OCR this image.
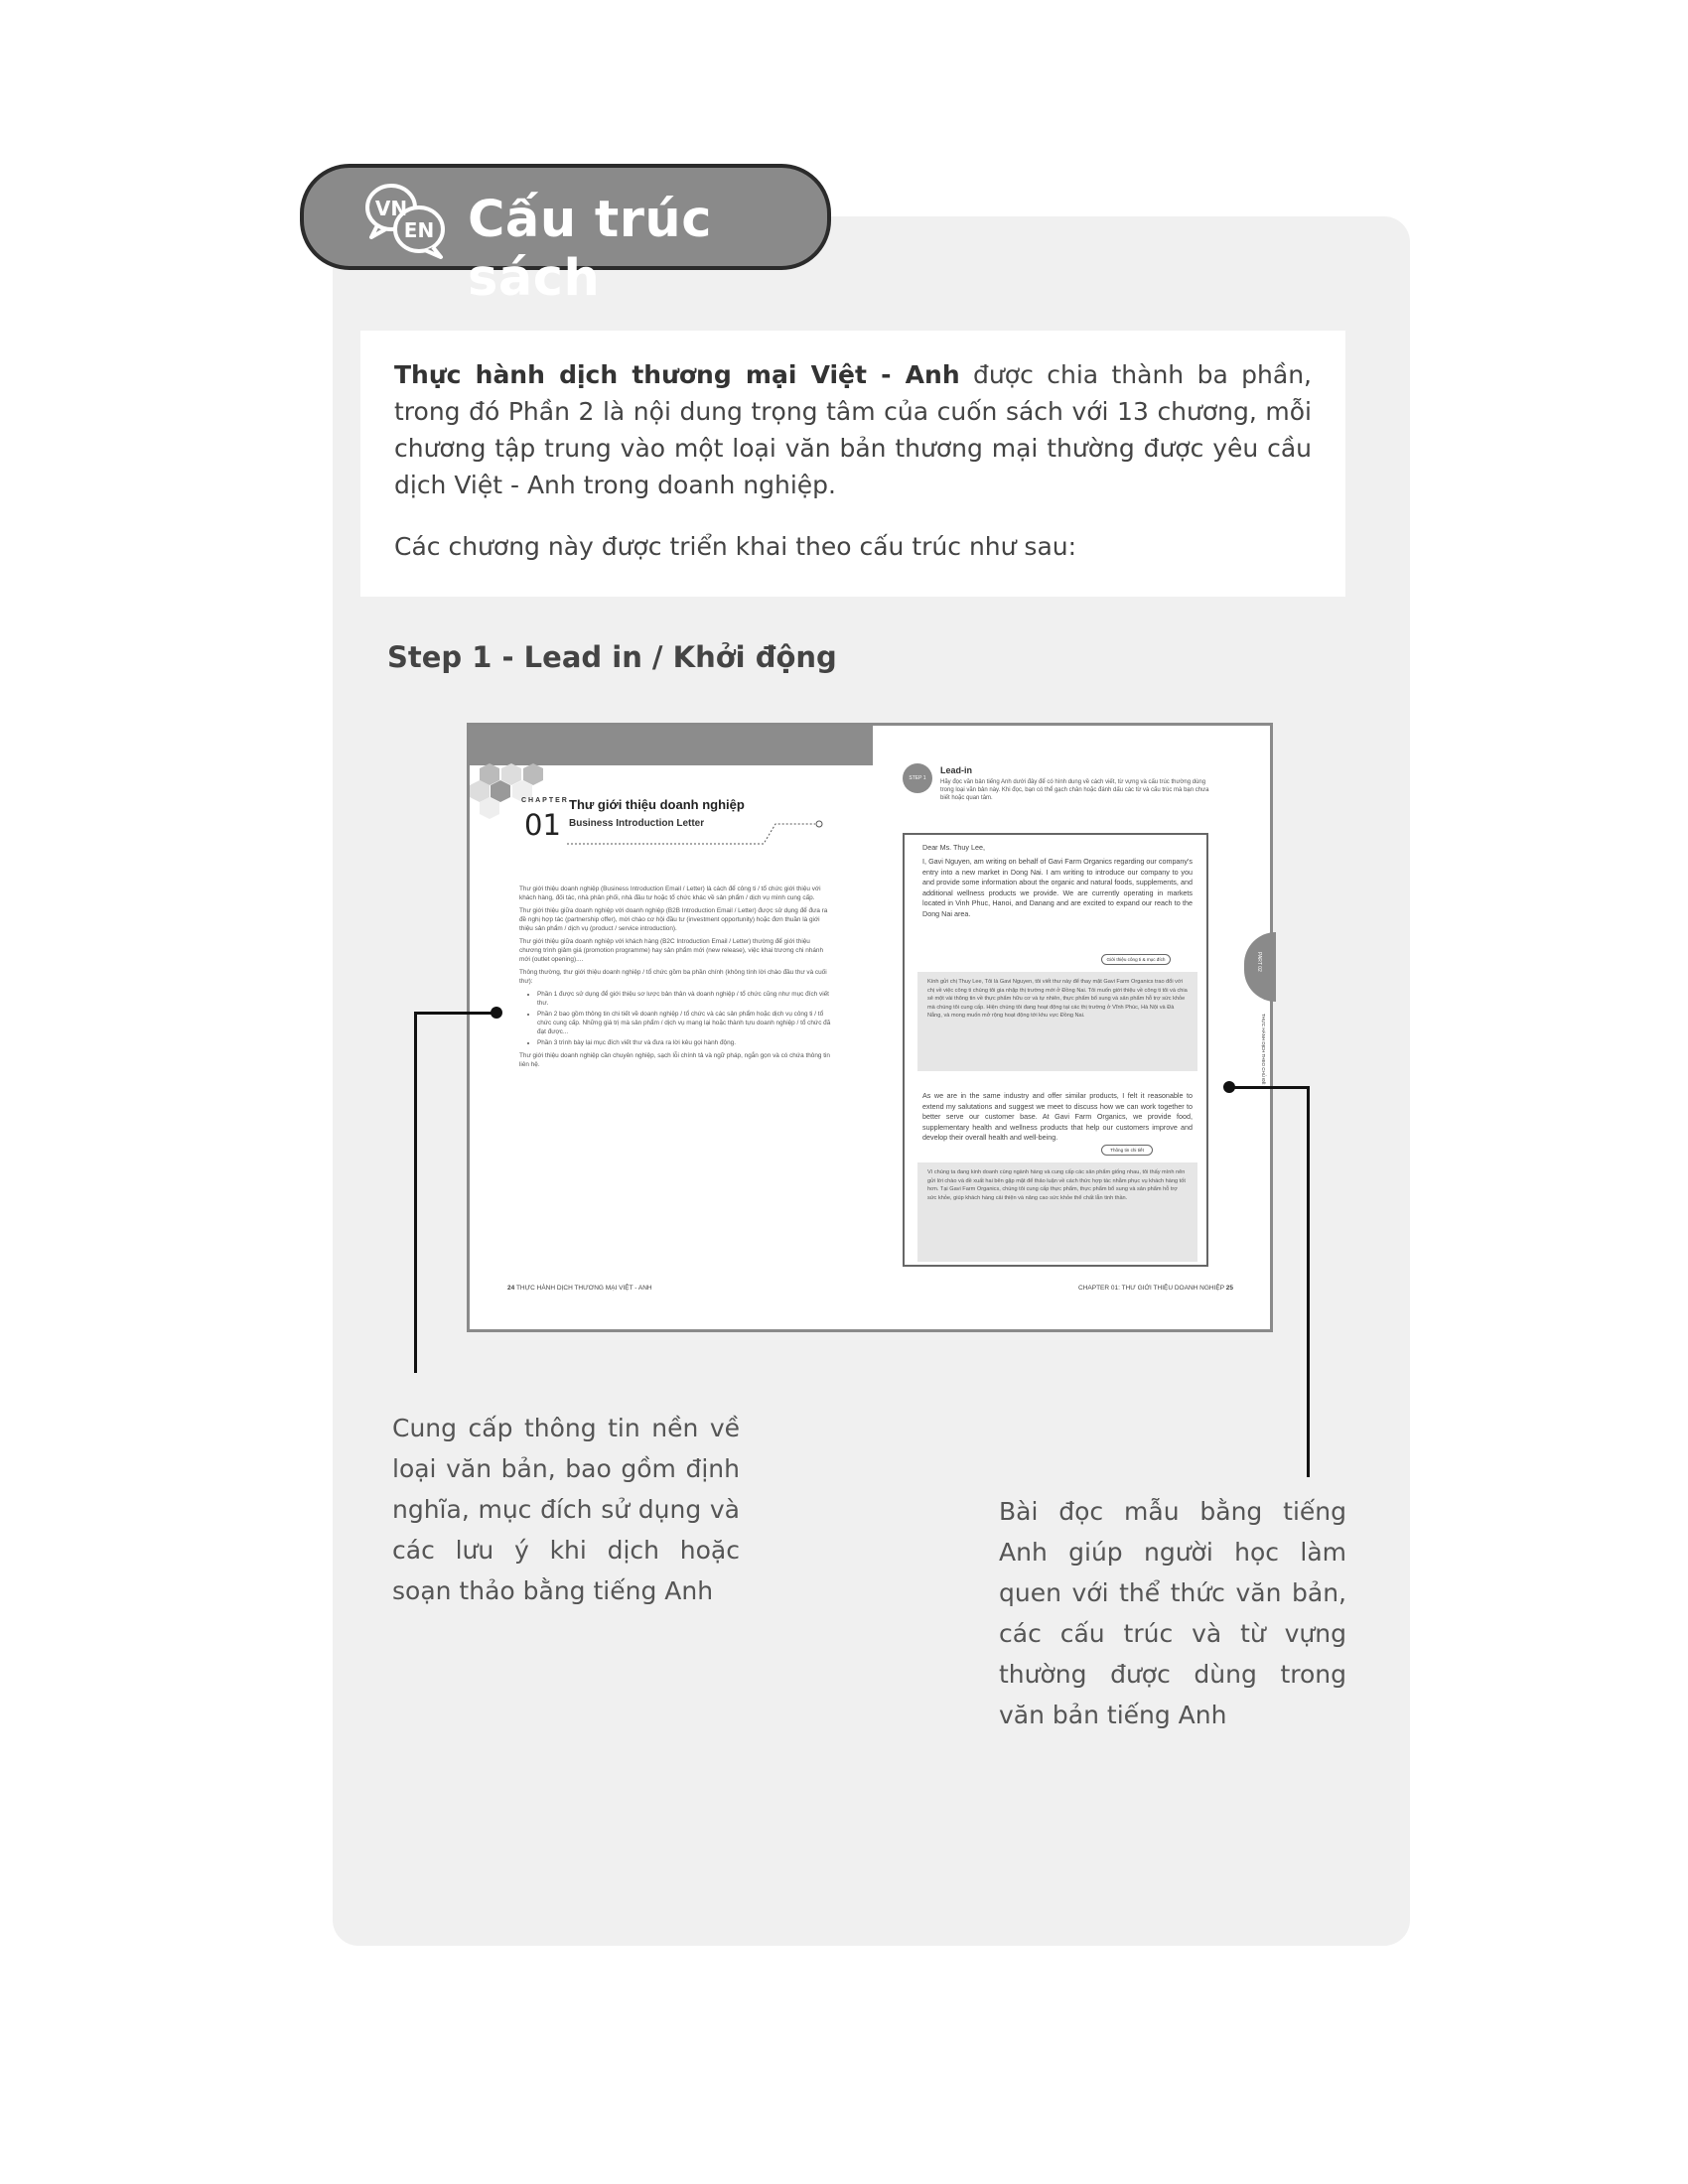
VN
EN Cấu trúc sách

Thực hành dịch thương mại Việt - Anh được chia thành ba phần, trong đó Phần 2 là nội dung trọng tâm của cuốn sách với 13 chương, mỗi chương tập trung vào một loại văn bản thương mại thường được yêu cầu dịch Việt - Anh trong doanh nghiệp.

Các chương này được triển khai theo cấu trúc như sau:

Step 1 - Lead in / Khởi động
CHAPTER
01
Thư giới thiệu doanh nghiệp
Business Introduction Letter

Thư giới thiệu doanh nghiệp (Business Introduction Email / Letter) là cách để công ti / tổ chức giới thiệu với khách hàng, đối tác, nhà phân phối, nhà đầu tư hoặc tổ chức khác về sản phẩm / dịch vụ mình cung cấp.

Thư giới thiệu giữa doanh nghiệp với doanh nghiệp (B2B Introduction Email / Letter) được sử dụng để đưa ra đề nghị hợp tác (partnership offer), mời chào cơ hội đầu tư (investment opportunity) hoặc đơn thuần là giới thiệu sản phẩm / dịch vụ (product / service introduction).

Thư giới thiệu giữa doanh nghiệp với khách hàng (B2C Introduction Email / Letter) thường để giới thiệu chương trình giảm giá (promotion programme) hay sản phẩm mới (new release), việc khai trương chi nhánh mới (outlet opening)....

Thông thường, thư giới thiệu doanh nghiệp / tổ chức gồm ba phần chính (không tính lời chào đầu thư và cuối thư):

• Phần 1 được sử dụng để giới thiệu sơ lược bản thân và doanh nghiệp / tổ chức cũng như mục đích viết thư.
• Phần 2 bao gồm thông tin chi tiết về doanh nghiệp / tổ chức và các sản phẩm hoặc dịch vụ công ti / tổ chức cung cấp. Những giá trị mà sản phẩm / dịch vụ mang lại hoặc thành tựu doanh nghiệp / tổ chức đã đạt được...
• Phần 3 trình bày lại mục đích viết thư và đưa ra lời kêu gọi hành động.

Thư giới thiệu doanh nghiệp cần chuyên nghiệp, sạch lỗi chính tả và ngữ pháp, ngắn gọn và có chứa thông tin liên hệ.

24 THỰC HÀNH DỊCH THƯƠNG MẠI VIỆT - ANH
STEP 1
Lead-in
Hãy đọc văn bản tiếng Anh dưới đây để có hình dung về cách viết, từ vựng và cấu trúc thường dùng trong loại văn bản này. Khi đọc, bạn có thể gạch chân hoặc đánh dấu các từ và cấu trúc mà bạn chưa biết hoặc quan tâm.
Dear Ms. Thuy Lee,
I, Gavi Nguyen, am writing on behalf of Gavi Farm Organics regarding our company's entry into a new market in Dong Nai. I am writing to introduce our company to you and provide some information about the organic and natural foods, supplements, and additional wellness products we provide. We are currently operating in markets located in Vinh Phuc, Hanoi, and Danang and are excited to expand our reach to the Dong Nai area.
Giới thiệu công ti & mục đích
Kính gửi chị Thuy Lee, Tôi là Gavi Nguyen, tôi viết thư này để thay mặt Gavi Farm Organics trao đổi với chị về việc công ti chúng tôi gia nhập thị trường mới ở Đồng Nai. Tôi muốn giới thiệu về công ti tôi và chia sẻ một vài thông tin về thực phẩm hữu cơ và tự nhiên, thực phẩm bổ sung và sản phẩm hỗ trợ sức khỏe mà chúng tôi cung cấp. Hiện chúng tôi đang hoạt động tại các thị trường ở Vĩnh Phúc, Hà Nội và Đà Nẵng, và mong muốn mở rộng hoạt động tới khu vực Đồng Nai.
As we are in the same industry and offer similar products, I felt it reasonable to extend my salutations and suggest we meet to discuss how we can work together to better serve our customer base. At Gavi Farm Organics, we provide food, supplementary health and wellness products that help our customers improve and develop their overall health and well-being.
Thông tin chi tiết
Vì chúng ta đang kinh doanh cùng ngành hàng và cung cấp các sản phẩm giống nhau, tôi thấy mình nên gửi lời chào và đề xuất hai bên gặp mặt để thảo luận về cách thức hợp tác nhằm phục vụ khách hàng tốt hơn. Tại Gavi Farm Organics, chúng tôi cung cấp thực phẩm, thực phẩm bổ sung và sản phẩm hỗ trợ sức khỏe, giúp khách hàng cải thiện và nâng cao sức khỏe thể chất lẫn tinh thần.
PART 02
THỰC HÀNH DỊCH THEO CHỦ ĐỀ
CHAPTER 01: THƯ GIỚI THIỆU DOANH NGHIỆP 25
Cung cấp thông tin nền về loại văn bản, bao gồm định nghĩa, mục đích sử dụng và các lưu ý khi dịch hoặc soạn thảo bằng tiếng Anh
Bài đọc mẫu bằng tiếng Anh giúp người học làm quen với thể thức văn bản, các cấu trúc và từ vựng thường được dùng trong văn bản tiếng Anh
